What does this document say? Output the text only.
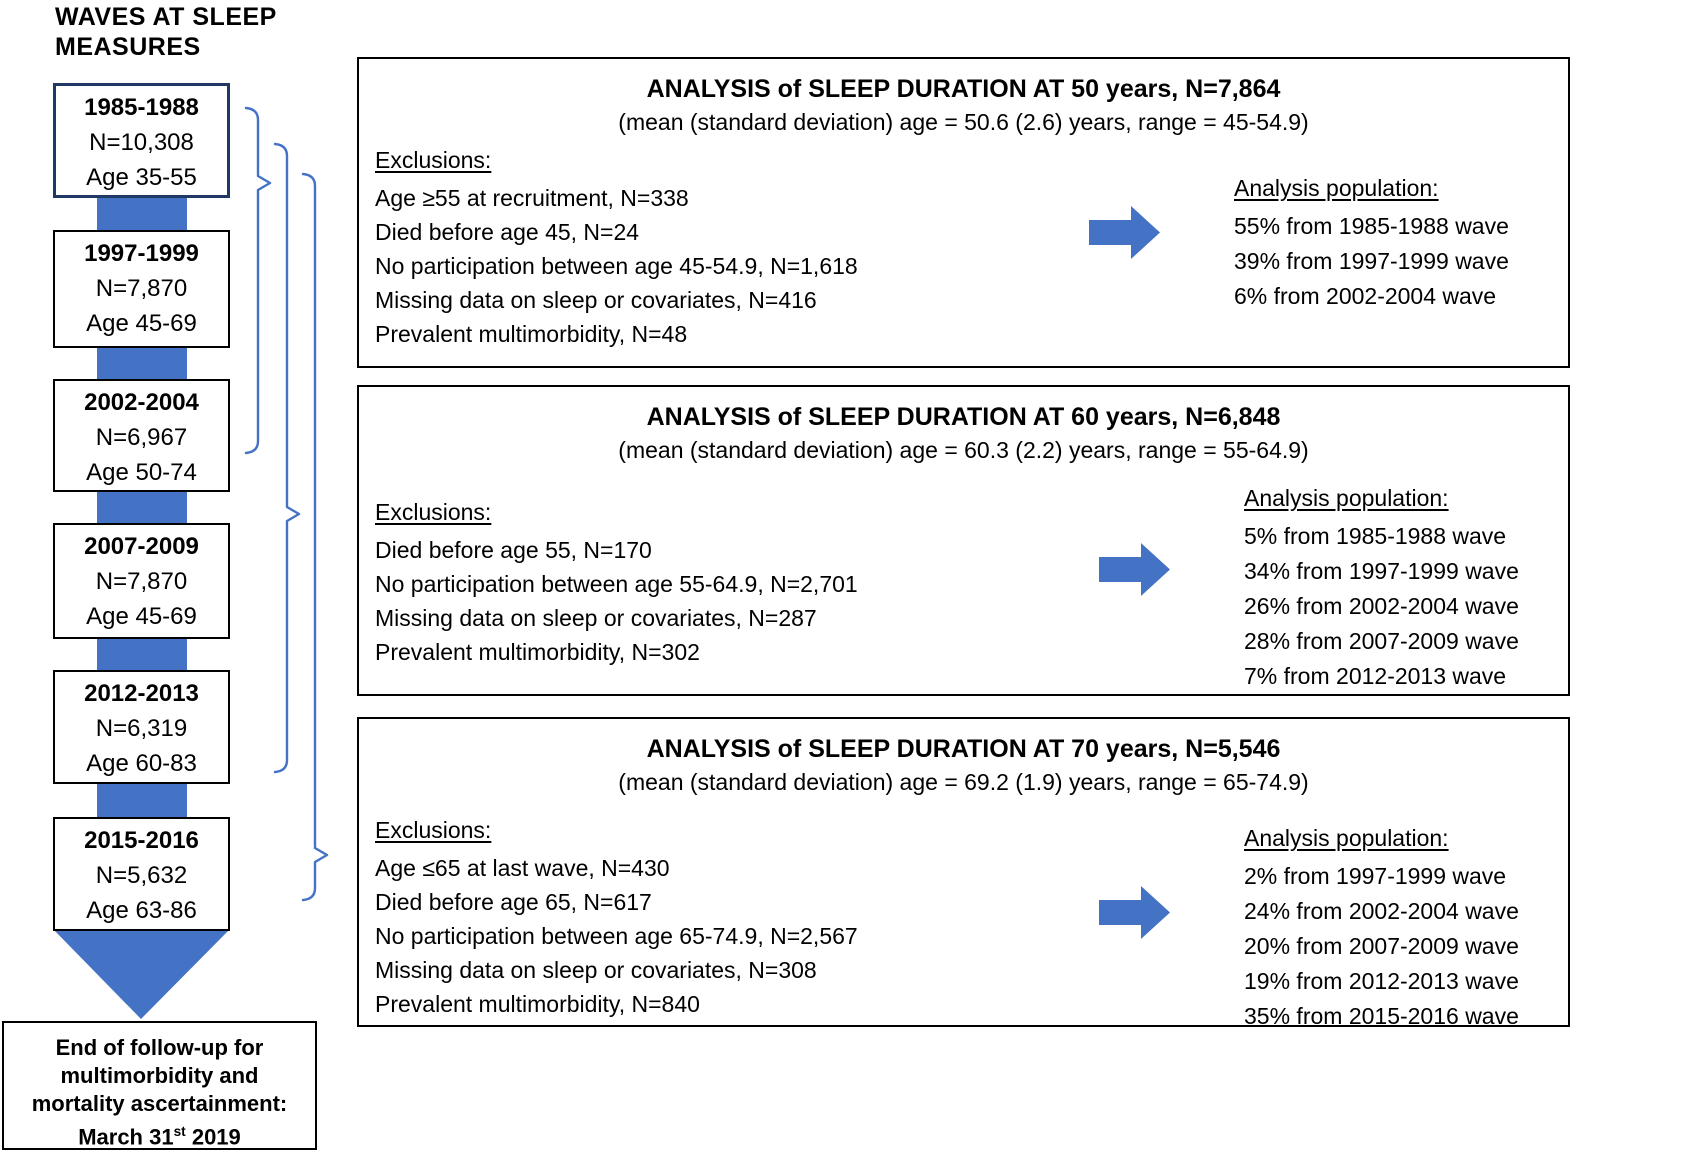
WAVES AT SLEEP MEASURES
1985-1988
N=10,308
Age 35-55
1997-1999
N=7,870
Age 45-69
2002-2004
N=6,967
Age 50-74
2007-2009
N=7,870
Age 45-69
2012-2013
N=6,319
Age 60-83
2015-2016
N=5,632
Age 63-86
End of follow-up for
multimorbidity and
mortality ascertainment:
March 31st 2019
ANALYSIS of SLEEP DURATION AT 50 years, N=7,864
(mean (standard deviation) age = 50.6 (2.6) years, range = 45-54.9)
Exclusions:
Age ≥55 at recruitment, N=338
Died before age 45, N=24
No participation between age 45-54.9, N=1,618
Missing data on sleep or covariates, N=416
Prevalent multimorbidity, N=48
Analysis population:
55% from 1985-1988 wave
39% from 1997-1999 wave
6% from 2002-2004 wave
ANALYSIS of SLEEP DURATION AT 60 years, N=6,848
(mean (standard deviation) age = 60.3 (2.2) years, range = 55-64.9)
Exclusions:
Died before age 55, N=170
No participation between age 55-64.9, N=2,701
Missing data on sleep or covariates, N=287
Prevalent multimorbidity, N=302
Analysis population:
5% from 1985-1988 wave
34% from 1997-1999 wave
26% from 2002-2004 wave
28% from 2007-2009 wave
7% from 2012-2013 wave
ANALYSIS of SLEEP DURATION AT 70 years, N=5,546
(mean (standard deviation) age = 69.2 (1.9) years, range = 65-74.9)
Exclusions:
Age ≤65 at last wave, N=430
Died before age 65, N=617
No participation between age 65-74.9, N=2,567
Missing data on sleep or covariates, N=308
Prevalent multimorbidity, N=840
Analysis population:
2% from 1997-1999 wave
24% from 2002-2004 wave
20% from 2007-2009 wave
19% from 2012-2013 wave
35% from 2015-2016 wave
